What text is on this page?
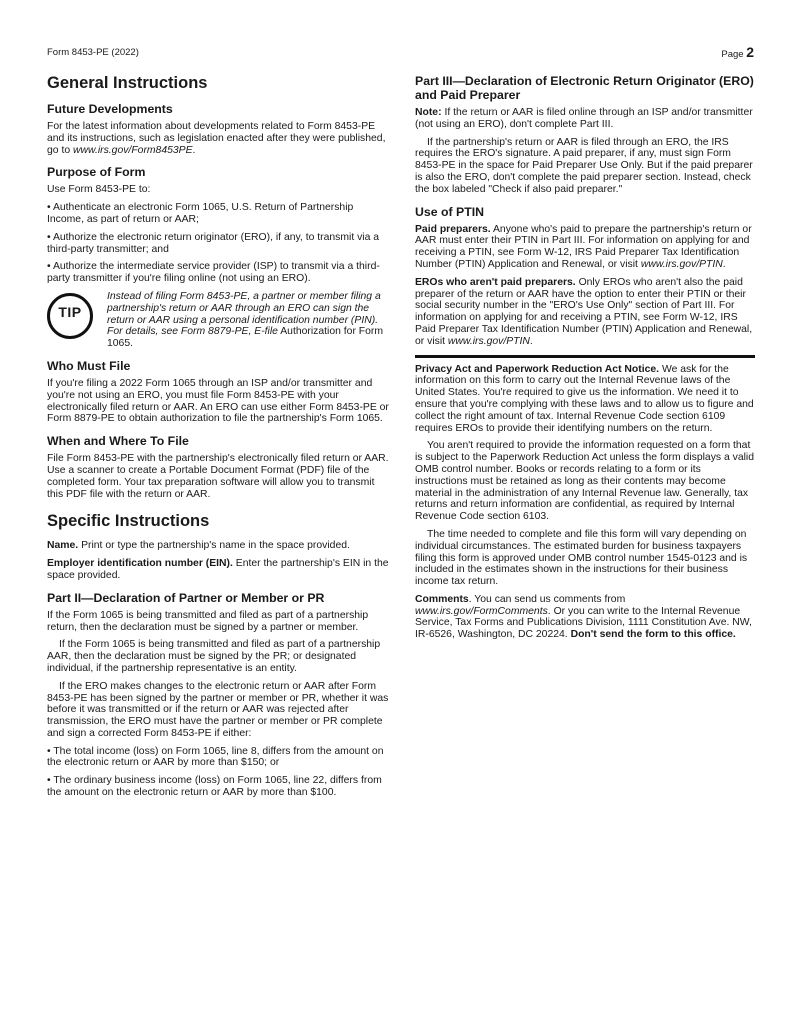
Form 8453-PE (2022)	Page 2
General Instructions
Future Developments

For the latest information about developments related to Form 8453-PE and its instructions, such as legislation enacted after they were published, go to www.irs.gov/Form8453PE.

Purpose of Form

Use Form 8453-PE to:

• Authenticate an electronic Form 1065, U.S. Return of Partnership Income, as part of return or AAR;

• Authorize the electronic return originator (ERO), if any, to transmit via a third-party transmitter; and

• Authorize the intermediate service provider (ISP) to transmit via a third-party transmitter if you're filing online (not using an ERO).

TIP
Instead of filing Form 8453-PE, a partner or member filing a partnership's return or AAR through an ERO can sign the return or AAR using a personal identification number (PIN). For details, see Form 8879-PE, E-file Authorization for Form 1065.
Who Must File

If you're filing a 2022 Form 1065 through an ISP and/or transmitter and you're not using an ERO, you must file Form 8453-PE with your electronically filed return or AAR. An ERO can use either Form 8453-PE or Form 8879-PE to obtain authorization to file the partnership's Form 1065.

When and Where To File

File Form 8453-PE with the partnership's electronically filed return or AAR. Use a scanner to create a Portable Document Format (PDF) file of the completed form. Your tax preparation software will allow you to transmit this PDF file with the return or AAR.

Specific Instructions

Name. Print or type the partnership's name in the space provided.

Employer identification number (EIN). Enter the partnership's EIN in the space provided.

Part II—Declaration of Partner or Member or PR

If the Form 1065 is being transmitted and filed as part of a partnership return, then the declaration must be signed by a partner or member.

If the Form 1065 is being transmitted and filed as part of a partnership AAR, then the declaration must be signed by the PR; or designated individual, if the partnership representative is an entity.

If the ERO makes changes to the electronic return or AAR after Form 8453-PE has been signed by the partner or member or PR, whether it was before it was transmitted or if the return or AAR was rejected after transmission, the ERO must have the partner or member or PR complete and sign a corrected Form 8453-PE if either:

• The total income (loss) on Form 1065, line 8, differs from the amount on the electronic return or AAR by more than $150; or

• The ordinary business income (loss) on Form 1065, line 22, differs from the amount on the electronic return or AAR by more than $100.

Part III—Declaration of Electronic Return Originator (ERO) and Paid Preparer

Note: If the return or AAR is filed online through an ISP and/or transmitter (not using an ERO), don't complete Part III.

If the partnership's return or AAR is filed through an ERO, the IRS requires the ERO's signature. A paid preparer, if any, must sign Form 8453-PE in the space for Paid Preparer Use Only. But if the paid preparer is also the ERO, don't complete the paid preparer section. Instead, check the box labeled "Check if also paid preparer."

Use of PTIN

Paid preparers. Anyone who's paid to prepare the partnership's return or AAR must enter their PTIN in Part III. For information on applying for and receiving a PTIN, see Form W-12, IRS Paid Preparer Tax Identification Number (PTIN) Application and Renewal, or visit www.irs.gov/PTIN.

EROs who aren't paid preparers. Only EROs who aren't also the paid preparer of the return or AAR have the option to enter their PTIN or their social security number in the "ERO's Use Only" section of Part III. For information on applying for and receiving a PTIN, see Form W-12, IRS Paid Preparer Tax Identification Number (PTIN) Application and Renewal, or visit www.irs.gov/PTIN.

Privacy Act and Paperwork Reduction Act Notice. We ask for the information on this form to carry out the Internal Revenue laws of the United States. You're required to give us the information. We need it to ensure that you're complying with these laws and to allow us to figure and collect the right amount of tax. Internal Revenue Code section 6109 requires EROs to provide their identifying numbers on the return.

You aren't required to provide the information requested on a form that is subject to the Paperwork Reduction Act unless the form displays a valid OMB control number. Books or records relating to a form or its instructions must be retained as long as their contents may become material in the administration of any Internal Revenue law. Generally, tax returns and return information are confidential, as required by Internal Revenue Code section 6103.

The time needed to complete and file this form will vary depending on individual circumstances. The estimated burden for business taxpayers filing this form is approved under OMB control number 1545-0123 and is included in the estimates shown in the instructions for their business income tax return.

Comments. You can send us comments from www.irs.gov/FormComments. Or you can write to the Internal Revenue Service, Tax Forms and Publications Division, 1111 Constitution Ave. NW, IR-6526, Washington, DC 20224. Don't send the form to this office.
